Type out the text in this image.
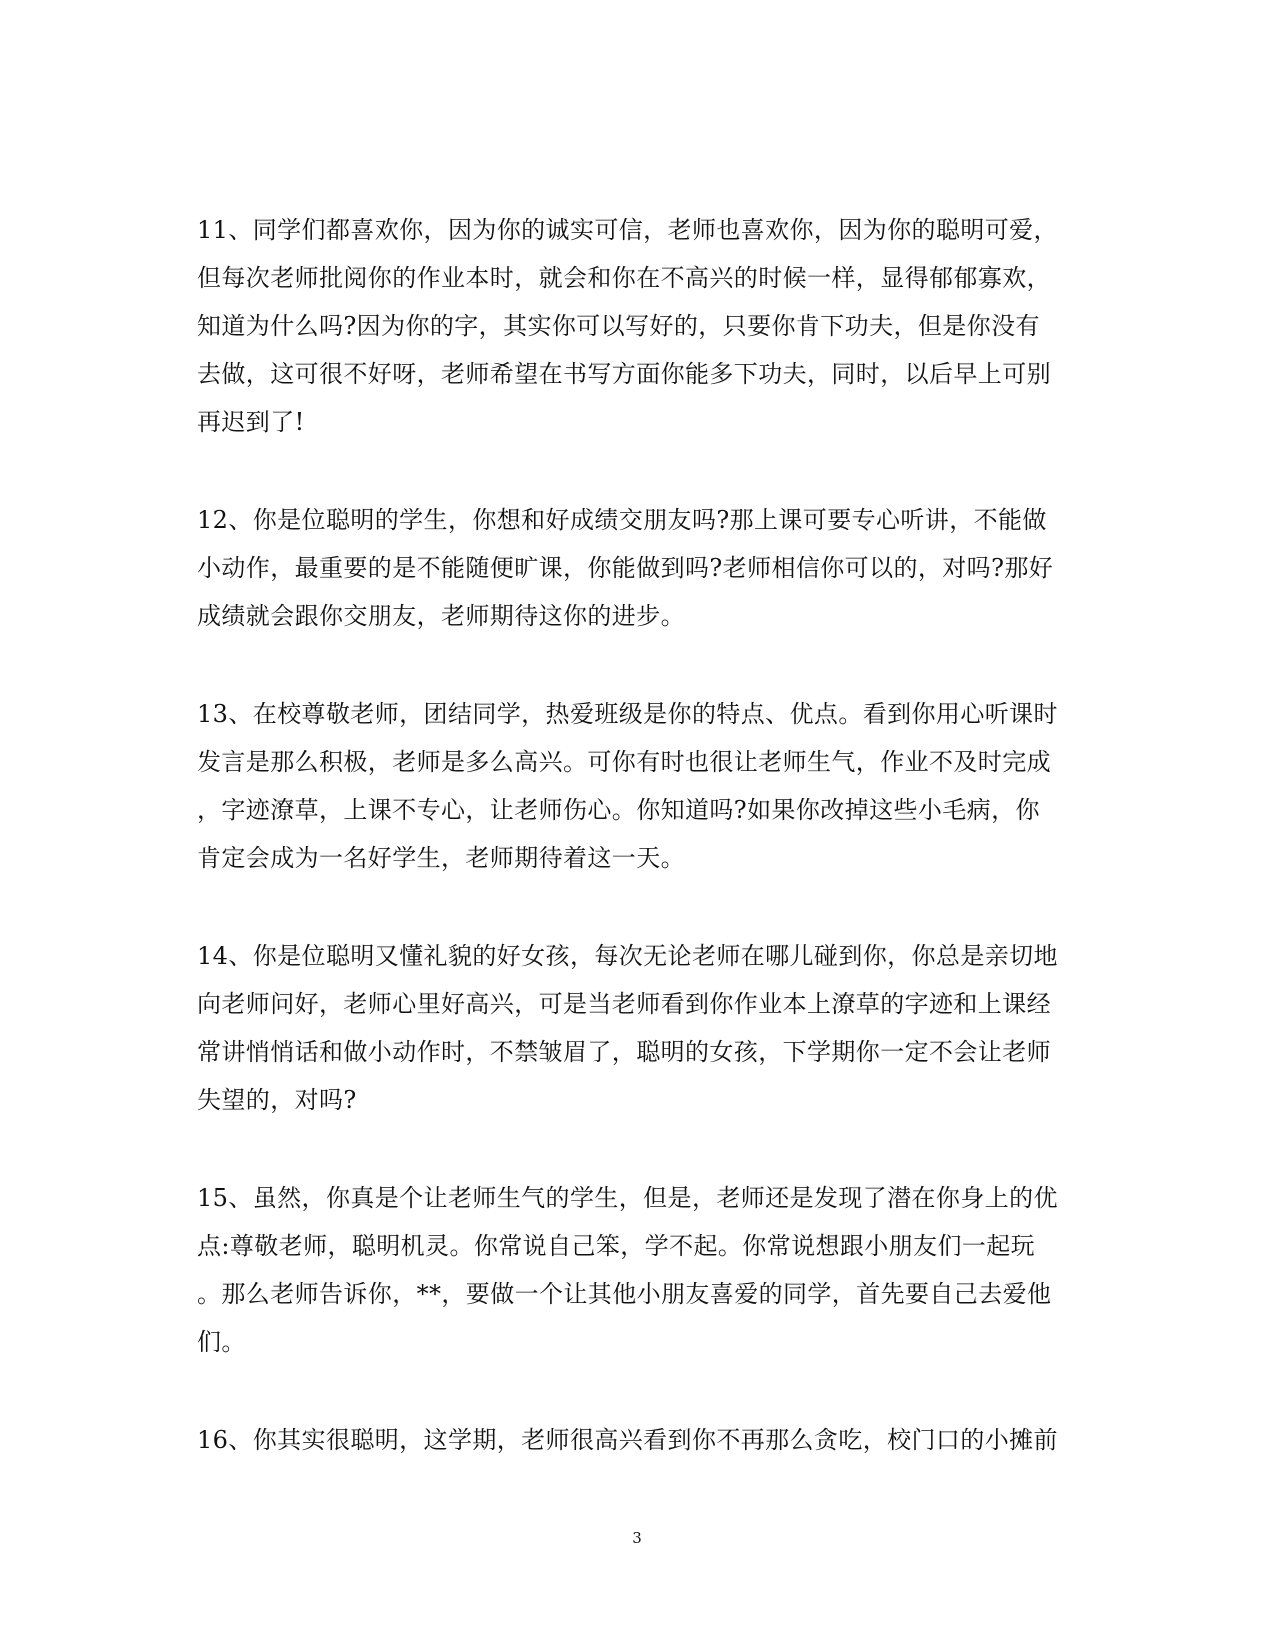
11、同学们都喜欢你，因为你的诚实可信，老师也喜欢你，因为你的聪明可爱，
但每次老师批阅你的作业本时，就会和你在不高兴的时候一样，显得郁郁寡欢，
知道为什么吗?因为你的字，其实你可以写好的，只要你肯下功夫，但是你没有
去做，这可很不好呀，老师希望在书写方面你能多下功夫，同时，以后早上可别
再迟到了!

12、你是位聪明的学生，你想和好成绩交朋友吗?那上课可要专心听讲，不能做
小动作，最重要的是不能随便旷课，你能做到吗?老师相信你可以的，对吗?那好
成绩就会跟你交朋友，老师期待这你的进步。

13、在校尊敬老师，团结同学，热爱班级是你的特点、优点。看到你用心听课时
发言是那么积极，老师是多么高兴。可你有时也很让老师生气，作业不及时完成
，字迹潦草，上课不专心，让老师伤心。你知道吗?如果你改掉这些小毛病，你
肯定会成为一名好学生，老师期待着这一天。

14、你是位聪明又懂礼貌的好女孩，每次无论老师在哪儿碰到你，你总是亲切地
向老师问好，老师心里好高兴，可是当老师看到你作业本上潦草的字迹和上课经
常讲悄悄话和做小动作时，不禁皱眉了，聪明的女孩，下学期你一定不会让老师
失望的，对吗?

15、虽然，你真是个让老师生气的学生，但是，老师还是发现了潜在你身上的优
点:尊敬老师，聪明机灵。你常说自己笨，学不起。你常说想跟小朋友们一起玩
。那么老师告诉你，**，要做一个让其他小朋友喜爱的同学，首先要自己去爱他
们。

16、你其实很聪明，这学期，老师很高兴看到你不再那么贪吃，校门口的小摊前

3
